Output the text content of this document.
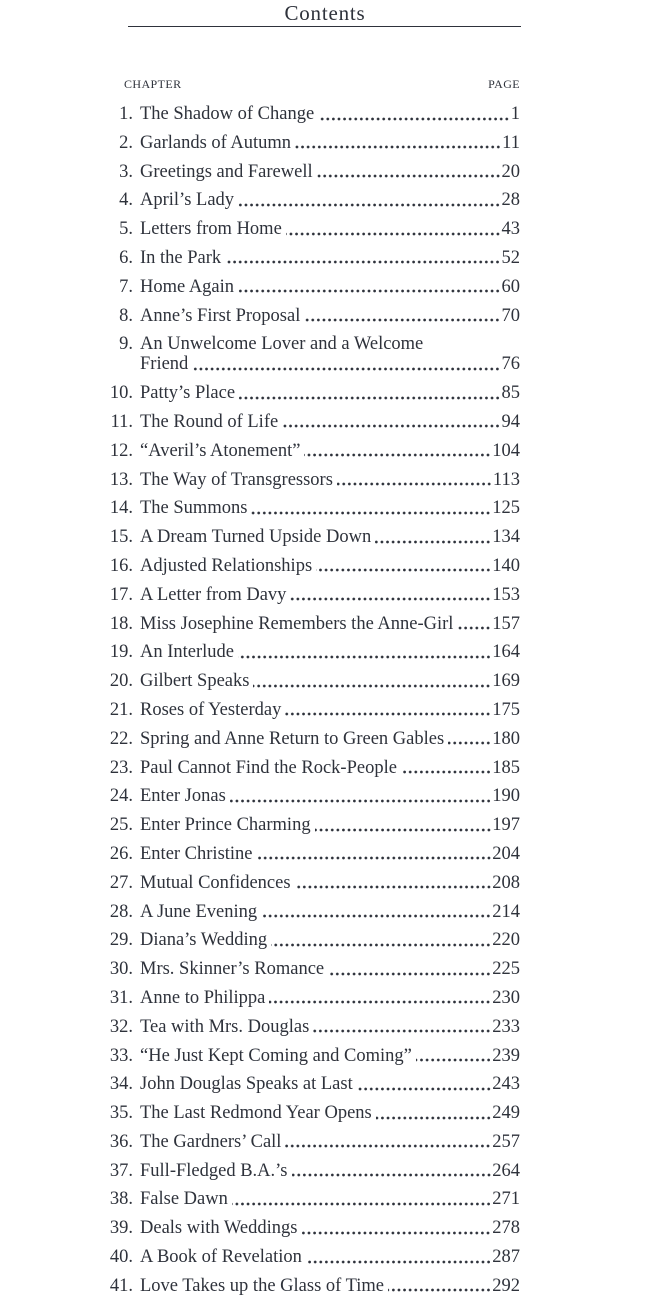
Contents
CHAPTER	PAGE
1. The Shadow of Change	1
2. Garlands of Autumn	11
3. Greetings and Farewell	20
4. April’s Lady	28
5. Letters from Home	43
6. In the Park	52
7. Home Again	60
8. Anne’s First Proposal	70
9. An Unwelcome Lover and a Welcome
Friend	76
10. Patty’s Place	85
11. The Round of Life	94
12. “Averil’s Atonement”	104
13. The Way of Transgressors	113
14. The Summons	125
15. A Dream Turned Upside Down	134
16. Adjusted Relationships	140
17. A Letter from Davy	153
18. Miss Josephine Remembers the Anne-Girl 157
19. An Interlude	164
20. Gilbert Speaks	169
21. Roses of Yesterday	175
22. Spring and Anne Return to Green Gables	180
23. Paul Cannot Find the Rock-People	185
24. Enter Jonas	190
25. Enter Prince Charming	197
26. Enter Christine	204
27. Mutual Confidences	208
28. A June Evening	214
29. Diana’s Wedding	220
30. Mrs. Skinner’s Romance	225
31. Anne to Philippa	230
32. Tea with Mrs. Douglas	233
33. “He Just Kept Coming and Coming”	239
34. John Douglas Speaks at Last	243
35. The Last Redmond Year Opens	249
36. The Gardners’ Call	257
37. Full-Fledged B.A.’s	264
38. False Dawn	271
39. Deals with Weddings	278
40. A Book of Revelation	287
41. Love Takes up the Glass of Time	292
